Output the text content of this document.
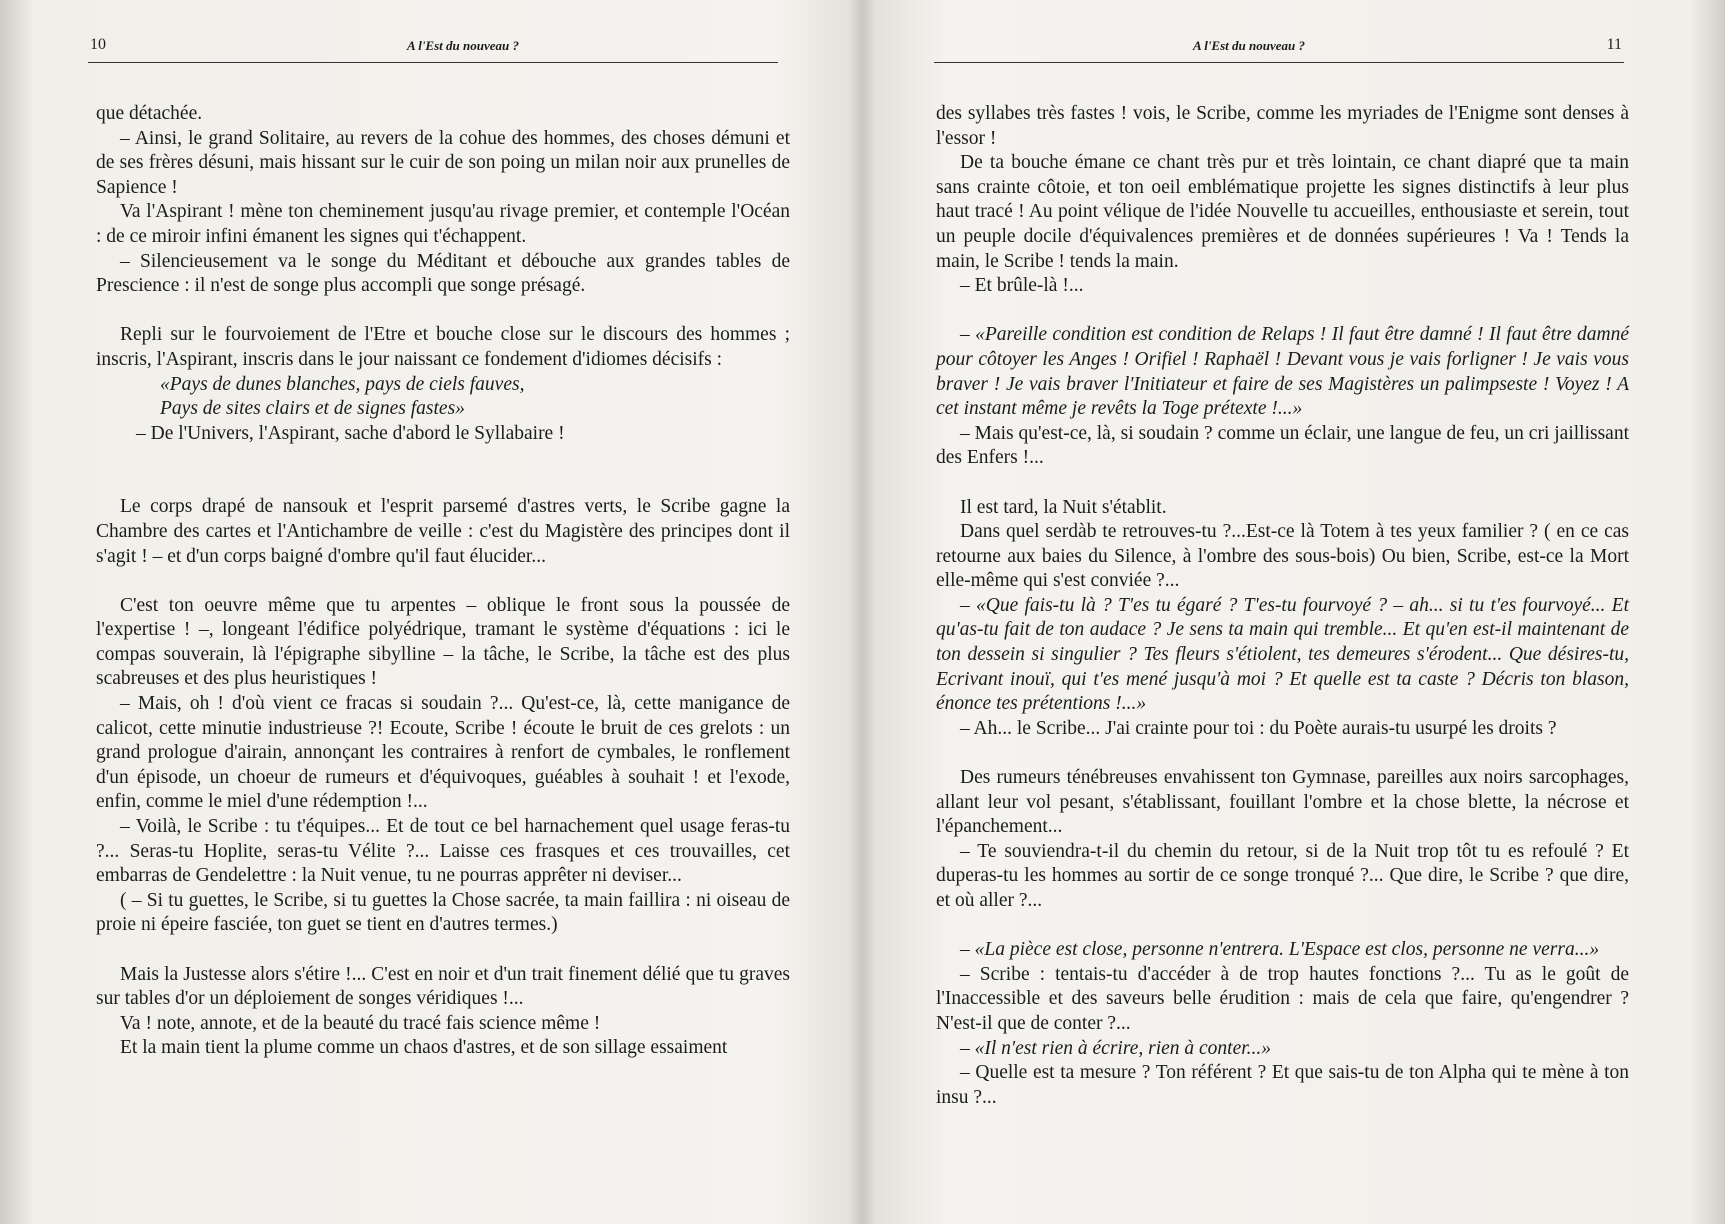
10	A l'Est du nouveau ?

que détachée.

– Ainsi, le grand Solitaire, au revers de la cohue des hommes, des choses démuni et de ses frères désuni, mais hissant sur le cuir de son poing un milan noir aux prunelles de Sapience !

Va l'Aspirant ! mène ton cheminement jusqu'au rivage premier, et contemple l'Océan : de ce miroir infini émanent les signes qui t'échappent.

– Silencieusement va le songe du Méditant et débouche aux grandes tables de Prescience : il n'est de songe plus accompli que songe présagé.

Repli sur le fourvoiement de l'Etre et bouche close sur le discours des hommes ; inscris, l'Aspirant, inscris dans le jour naissant ce fondement d'idiomes décisifs :

«Pays de dunes blanches, pays de ciels fauves,

Pays de sites clairs et de signes fastes»

– De l'Univers, l'Aspirant, sache d'abord le Syllabaire !

Le corps drapé de nansouk et l'esprit parsemé d'astres verts, le Scribe gagne la Chambre des cartes et l'Antichambre de veille : c'est du Magistère des principes dont il s'agit ! – et d'un corps baigné d'ombre qu'il faut élucider...

C'est ton oeuvre même que tu arpentes – oblique le front sous la poussée de l'expertise ! –, longeant l'édifice polyédrique, tramant le système d'équations : ici le compas souverain, là l'épigraphe sibylline – la tâche, le Scribe, la tâche est des plus scabreuses et des plus heuristiques !

– Mais, oh ! d'où vient ce fracas si soudain ?... Qu'est-ce, là, cette manigance de calicot, cette minutie industrieuse ?! Ecoute, Scribe ! écoute le bruit de ces grelots : un grand prologue d'airain, annonçant les contraires à renfort de cymbales, le ronflement d'un épisode, un choeur de rumeurs et d'équivoques, guéables à souhait ! et l'exode, enfin, comme le miel d'une rédemption !...

– Voilà, le Scribe : tu t'équipes... Et de tout ce bel harnachement quel usage feras-tu ?... Seras-tu Hoplite, seras-tu Vélite ?... Laisse ces frasques et ces trouvailles, cet embarras de Gendelettre : la Nuit venue, tu ne pourras apprêter ni deviser...

( – Si tu guettes, le Scribe, si tu guettes la Chose sacrée, ta main faillira : ni oiseau de proie ni épeire fasciée, ton guet se tient en d'autres termes.)

Mais la Justesse alors s'étire !... C'est en noir et d'un trait finement délié que tu graves sur tables d'or un déploiement de songes véridiques !...

Va ! note, annote, et de la beauté du tracé fais science même !

Et la main tient la plume comme un chaos d'astres, et de son sillage essaiment

A l'Est du nouveau ?	11

des syllabes très fastes ! vois, le Scribe, comme les myriades de l'Enigme sont denses à l'essor !

De ta bouche émane ce chant très pur et très lointain, ce chant diapré que ta main sans crainte côtoie, et ton oeil emblématique projette les signes distinctifs à leur plus haut tracé ! Au point vélique de l'idée Nouvelle tu accueilles, enthousiaste et serein, tout un peuple docile d'équivalences premières et de données supérieures ! Va ! Tends la main, le Scribe ! tends la main.

– Et brûle-là !...

– «Pareille condition est condition de Relaps ! Il faut être damné ! Il faut être damné pour côtoyer les Anges ! Orifiel ! Raphaël ! Devant vous je vais forligner ! Je vais vous braver ! Je vais braver l'Initiateur et faire de ses Magistères un palimpseste ! Voyez ! A cet instant même je revêts la Toge prétexte !...»

– Mais qu'est-ce, là, si soudain ? comme un éclair, une langue de feu, un cri jaillissant des Enfers !...

Il est tard, la Nuit s'établit.

Dans quel serdàb te retrouves-tu ?...Est-ce là Totem à tes yeux familier ? ( en ce cas retourne aux baies du Silence, à l'ombre des sous-bois) Ou bien, Scribe, est-ce la Mort elle-même qui s'est conviée ?...

– «Que fais-tu là ? T'es tu égaré ? T'es-tu fourvoyé ? – ah... si tu t'es fourvoyé... Et qu'as-tu fait de ton audace ? Je sens ta main qui tremble... Et qu'en est-il maintenant de ton dessein si singulier ? Tes fleurs s'étiolent, tes demeures s'érodent... Que désires-tu, Ecrivant inouï, qui t'es mené jusqu'à moi ? Et quelle est ta caste ? Décris ton blason, énonce tes prétentions !...»

– Ah... le Scribe... J'ai crainte pour toi : du Poète aurais-tu usurpé les droits ?

Des rumeurs ténébreuses envahissent ton Gymnase, pareilles aux noirs sarcophages, allant leur vol pesant, s'établissant, fouillant l'ombre et la chose blette, la nécrose et l'épanchement...

– Te souviendra-t-il du chemin du retour, si de la Nuit trop tôt tu es refoulé ? Et duperas-tu les hommes au sortir de ce songe tronqué ?... Que dire, le Scribe ? que dire, et où aller ?...

– «La pièce est close, personne n'entrera. L'Espace est clos, personne ne verra...»

– Scribe : tentais-tu d'accéder à de trop hautes fonctions ?... Tu as le goût de l'Inaccessible et des saveurs belle érudition : mais de cela que faire, qu'engendrer ? N'est-il que de conter ?...

– «Il n'est rien à écrire, rien à conter...»

– Quelle est ta mesure ? Ton référent ? Et que sais-tu de ton Alpha qui te mène à ton insu ?...
